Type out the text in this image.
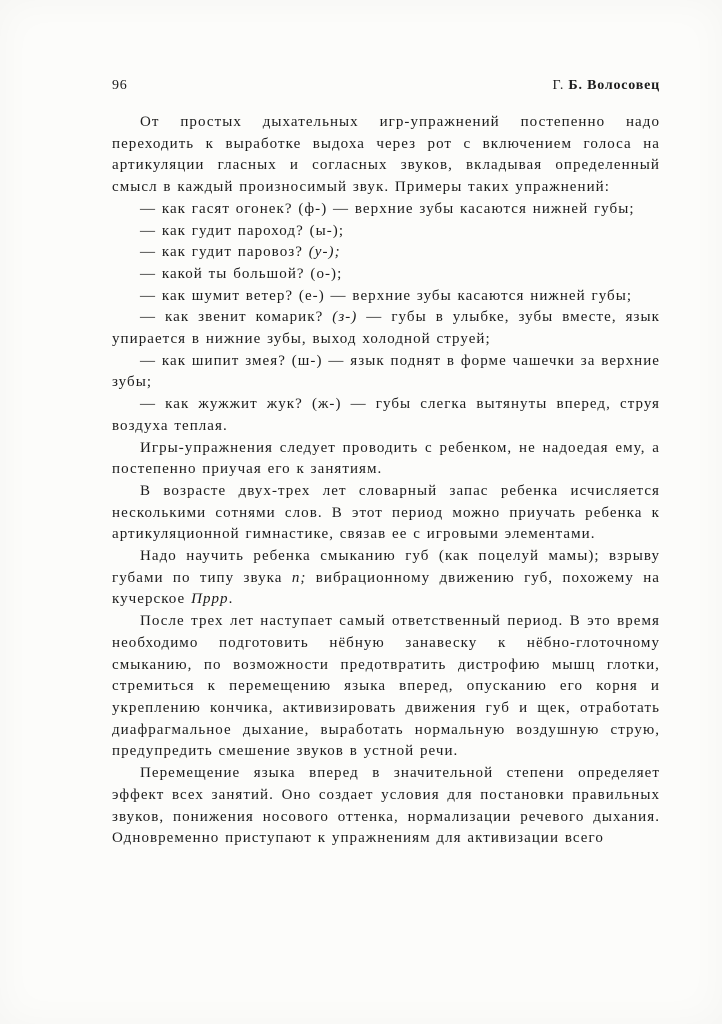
96	Г. Б. Волосовец

От простых дыхательных игр-упражнений постепенно надо переходить к выработке выдоха через рот с включением голоса на артикуляции гласных и согласных звуков, вкладывая определенный смысл в каждый произносимый звук. Примеры таких упражнений:

— как гасят огонек? (ф-) — верхние зубы касаются нижней губы;

— как гудит пароход? (ы-);

— как гудит паровоз? (у-);

— какой ты большой? (о-);

— как шумит ветер? (е-) — верхние зубы касаются нижней губы;

— как звенит комарик? (з-) — губы в улыбке, зубы вместе, язык упирается в нижние зубы, выход холодной струей;

— как шипит змея? (ш-) — язык поднят в форме чашечки за верхние зубы;

— как жужжит жук? (ж-) — губы слегка вытянуты вперед, струя воздуха теплая.

Игры-упражнения следует проводить с ребенком, не надоедая ему, а постепенно приучая его к занятиям.

В возрасте двух-трех лет словарный запас ребенка исчисляется несколькими сотнями слов. В этот период можно приучать ребенка к артикуляционной гимнастике, связав ее с игровыми элементами.

Надо научить ребенка смыканию губ (как поцелуй мамы); взрыву губами по типу звука п; вибрационному движению губ, похожему на кучерское Пррр.

После трех лет наступает самый ответственный период. В это время необходимо подготовить нёбную занавеску к нёбно-глоточному смыканию, по возможности предотвратить дистрофию мышц глотки, стремиться к перемещению языка вперед, опусканию его корня и укреплению кончика, активизировать движения губ и щек, отработать диафрагмальное дыхание, выработать нормальную воздушную струю, предупредить смешение звуков в устной речи.

Перемещение языка вперед в значительной степени определяет эффект всех занятий. Оно создает условия для постановки правильных звуков, понижения носового оттенка, нормализации речевого дыхания. Одновременно приступают к упражнениям для активизации всего
